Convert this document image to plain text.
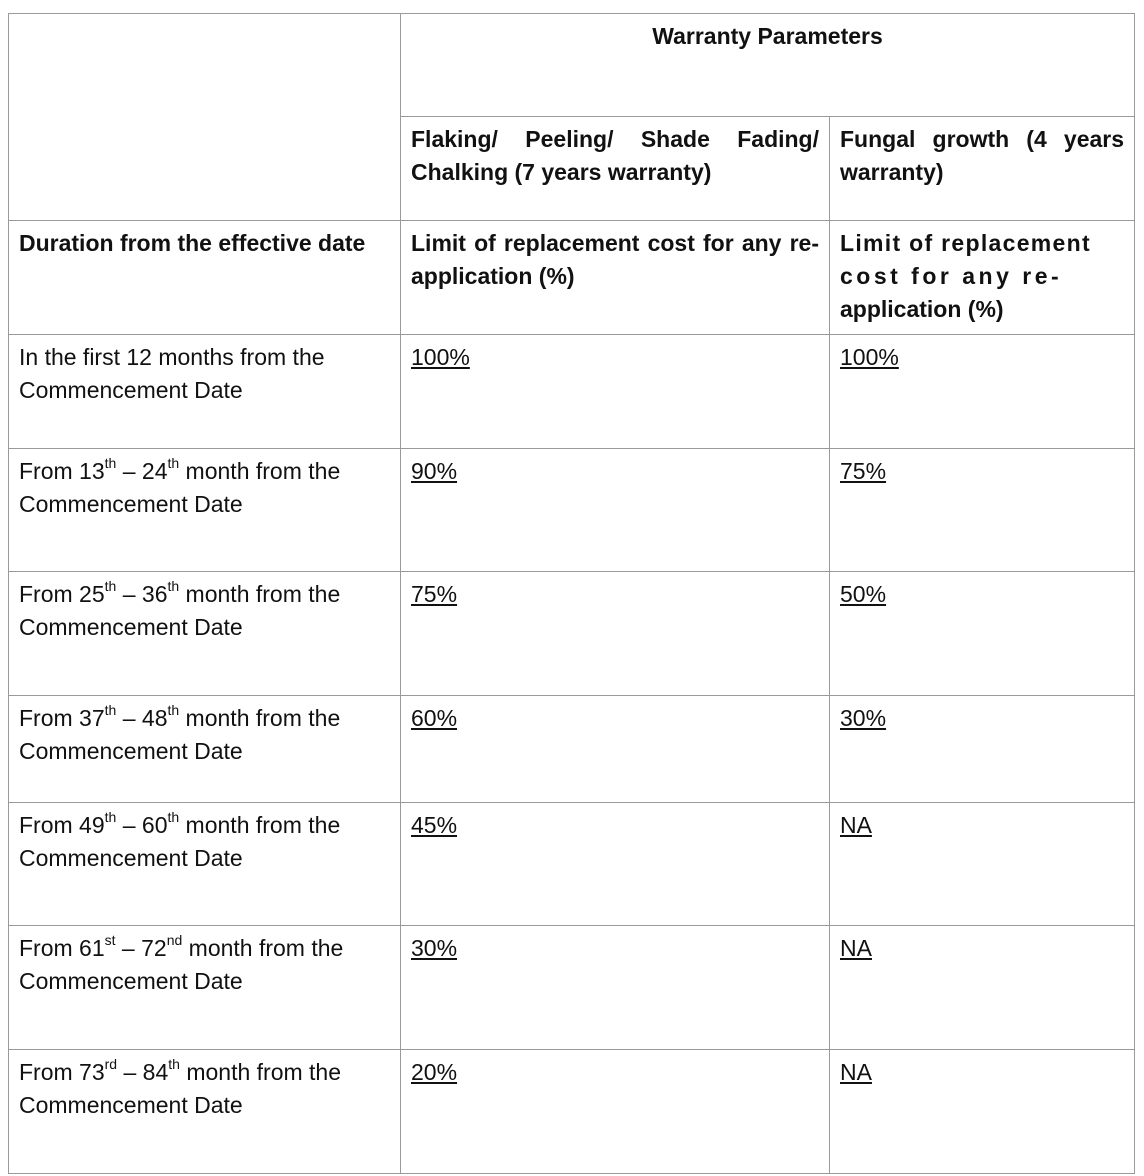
	Warranty Parameters	
	Flaking/ Peeling/ Shade Fading/ Chalking (7 years warranty)	Fungal growth (4 years warranty)
Duration from the effective date	Limit of replacement cost for any re-application (%)	Limit of replacement
cost for any re-
application (%)

In the first 12 months from the
Commencement Date	100%	100%
From 13th – 24th month from the
Commencement Date	90%	75%
From 25th – 36th month from the
Commencement Date	75%	50%
From 37th – 48th month from the
Commencement Date	60%	30%
From 49th – 60th month from the
Commencement Date	45%	NA
From 61st – 72nd month from the
Commencement Date	30%	NA
From 73rd – 84th month from the
Commencement Date	20%	NA
